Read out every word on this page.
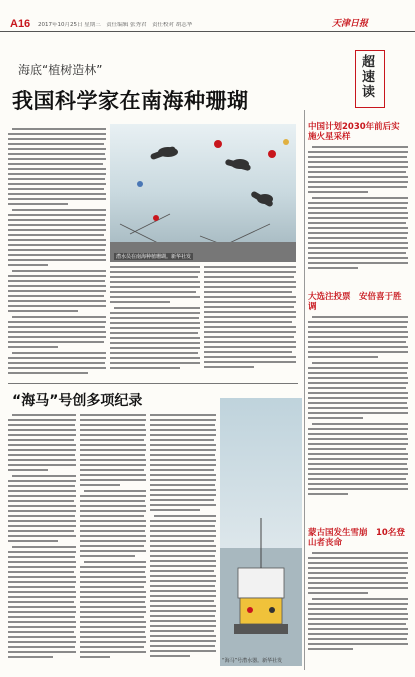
A16 2017年10月25日 星期三　责任编辑 张秀君　责任校对 胡志华	天津日报
超速读
海底“植树造林”
我国科学家在南海种珊瑚
潜水员在南海种植珊瑚。新华社发
“海马”号创多项纪录
“海马”号潜水器。新华社发
中国计划2030年前后实施火星采样
大选注投票　安倍喜于胜调
蒙古国发生雪崩　10名登山者丧命
